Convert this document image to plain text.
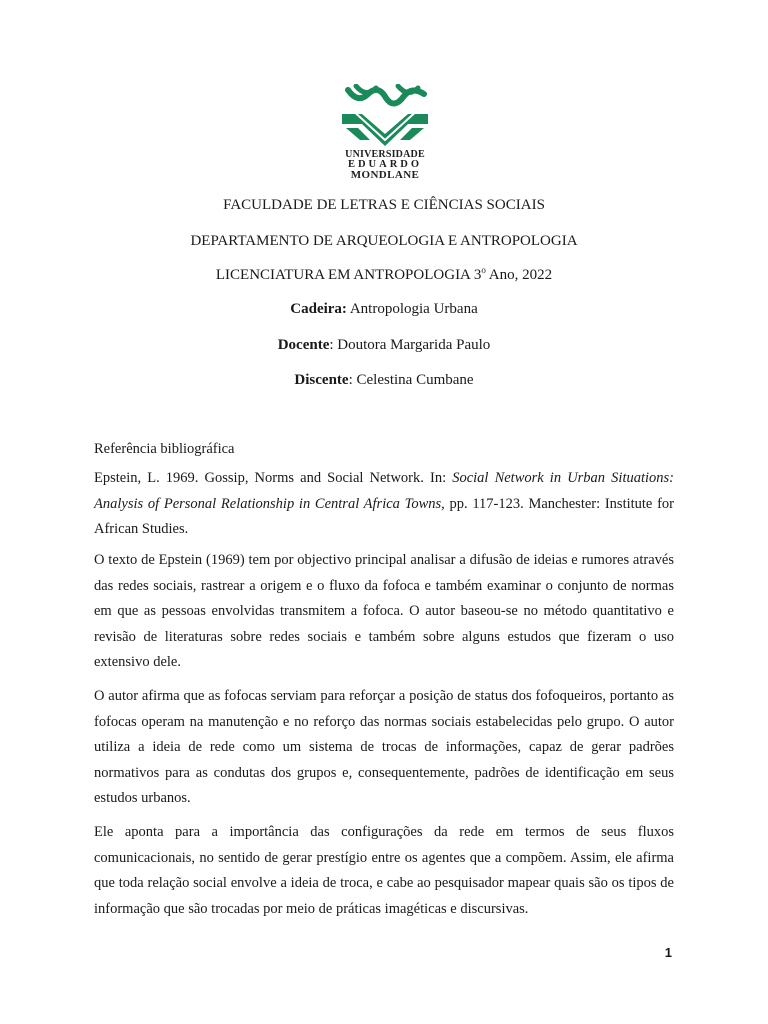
UNIVERSIDADE
EDUARDO
MONDLANE
FACULDADE DE LETRAS E CIÊNCIAS SOCIAIS
DEPARTAMENTO DE ARQUEOLOGIA E ANTROPOLOGIA
LICENCIATURA EM ANTROPOLOGIA 3$^o$ Ano, 2022
Cadeira: Antropologia Urbana
Docente: Doutora Margarida Paulo
Discente: Celestina Cumbane
Referência bibliográfica
Epstein, L. 1969. Gossip, Norms and Social Network. In: Social Network in Urban Situations: Analysis of Personal Relationship in Central Africa Towns, pp. 117-123. Manchester: Institute for African Studies.

O texto de Epstein (1969) tem por objectivo principal analisar a difusão de ideias e rumores através das redes sociais, rastrear a origem e o fluxo da fofoca e também examinar o conjunto de normas em que as pessoas envolvidas transmitem a fofoca. O autor baseou-se no método quantitativo e revisão de literaturas sobre redes sociais e também sobre alguns estudos que fizeram o uso extensivo dele.

O autor afirma que as fofocas serviam para reforçar a posição de status dos fofoqueiros, portanto as fofocas operam na manutenção e no reforço das normas sociais estabelecidas pelo grupo. O autor utiliza a ideia de rede como um sistema de trocas de informações, capaz de gerar padrões normativos para as condutas dos grupos e, consequentemente, padrões de identificação em seus estudos urbanos.

Ele aponta para a importância das configurações da rede em termos de seus fluxos comunicacionais, no sentido de gerar prestígio entre os agentes que a compõem. Assim, ele afirma que toda relação social envolve a ideia de troca, e cabe ao pesquisador mapear quais são os tipos de informação que são trocadas por meio de práticas imagéticas e discursivas.

1
